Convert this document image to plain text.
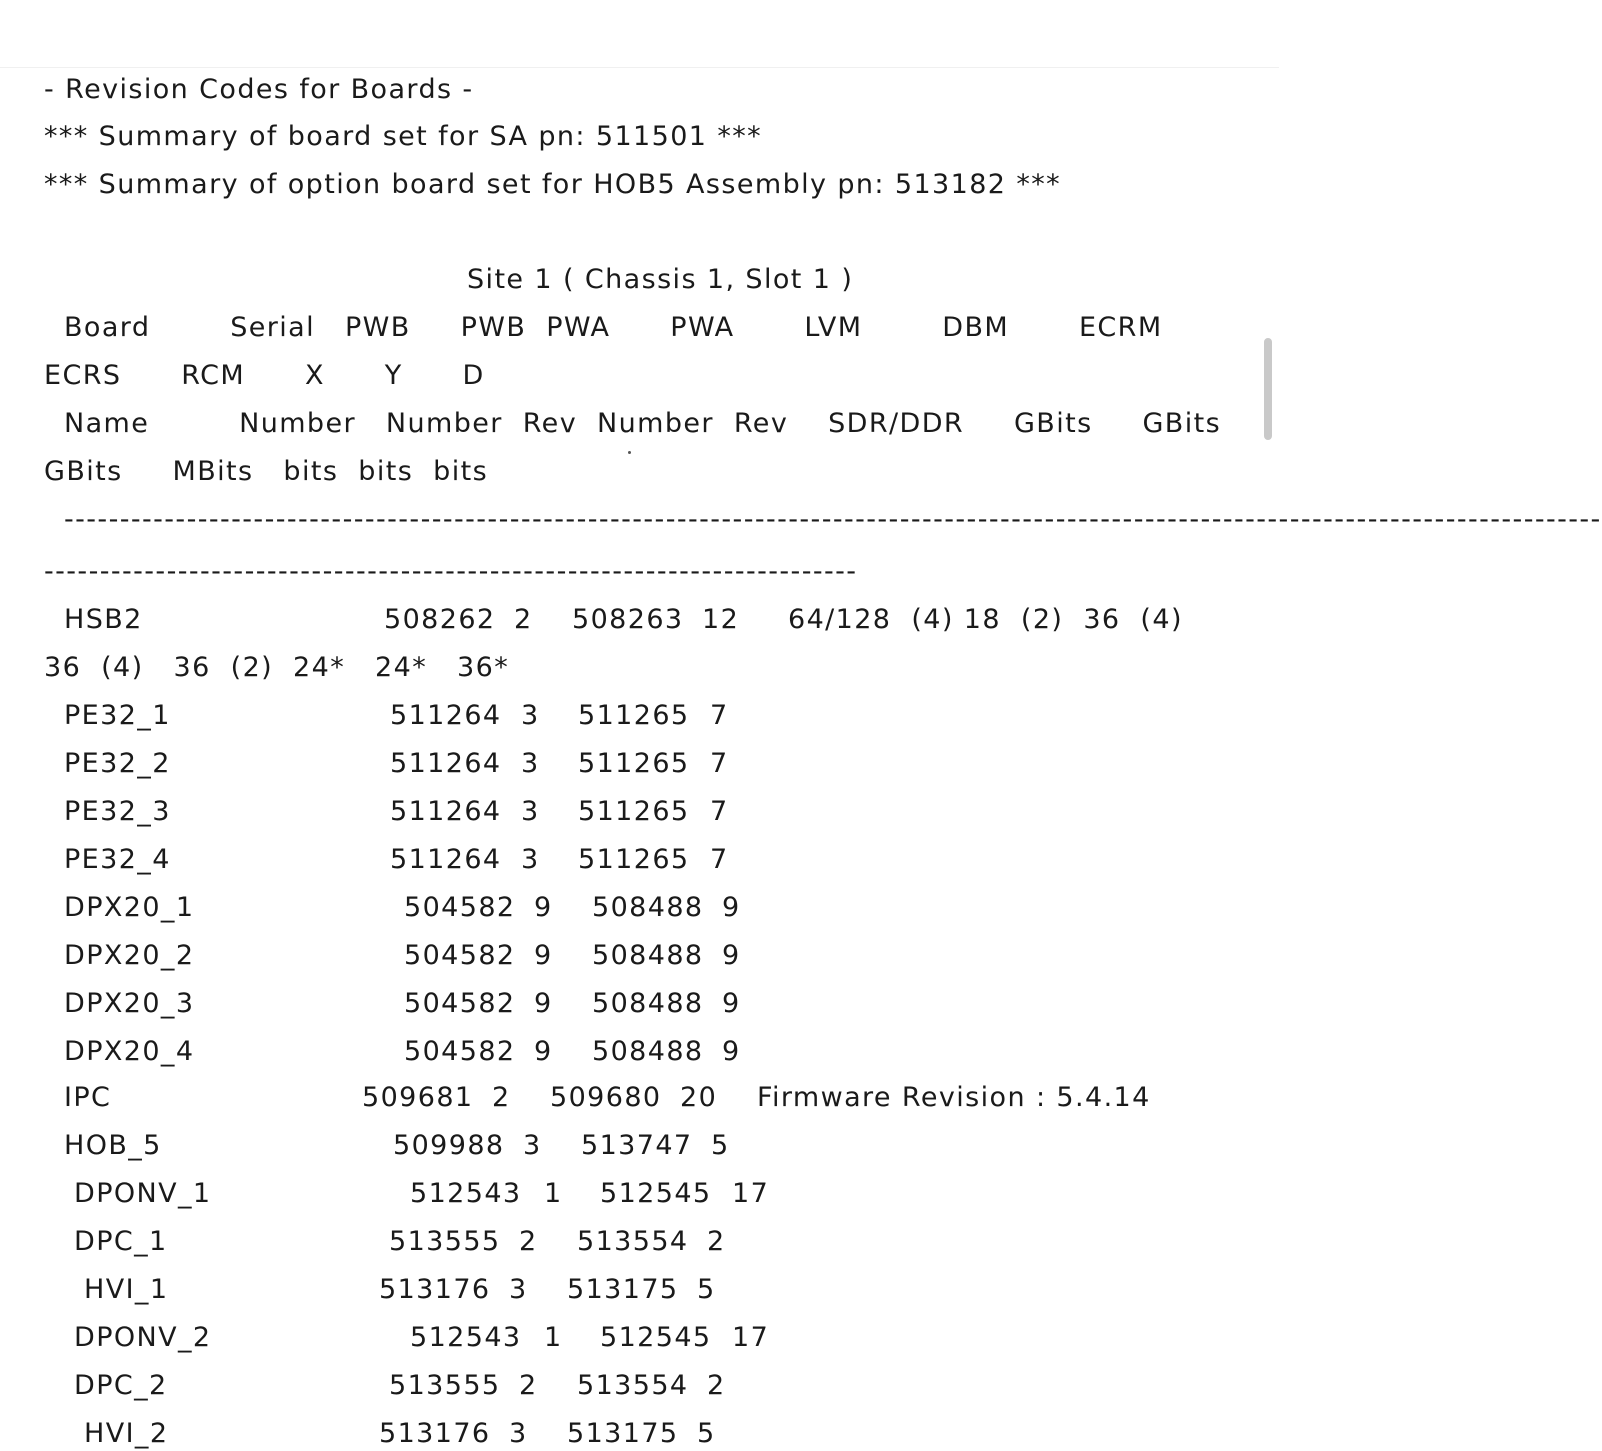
- Revision Codes for Boards -
*** Summary of board set for SA pn: 511501 ***
*** Summary of option board set for HOB5 Assembly pn: 513182 ***
Site 1 ( Chassis 1, Slot 1 )
Board        Serial   PWB     PWB  PWA      PWA       LVM        DBM       ECRM
ECRS      RCM      X      Y      D
Name         Number   Number  Rev  Number  Rev    SDR/DDR     GBits     GBits
GBits     MBits   bits  bits  bits
------------------------------------------------------------------------------------------------------------------------------------------
-------------------------------------------------------------------------
HSB2	508262 2 508263 12 64/128  (4) 18  (2)  36  (4)
36  (4)   36  (2)  24*   24*   36*
PE32_1	511264 3 511265 7
PE32_2	511264 3 511265 7
PE32_3	511264 3 511265 7
PE32_4	511264 3 511265 7
DPX20_1	504582 9 508488 9
DPX20_2	504582 9 508488 9
DPX20_3	504582 9 508488 9
DPX20_4	504582 9 508488 9
IPC	509681 2 509680 20 Firmware Revision : 5.4.14
HOB_5	509988 3 513747 5
DPONV_1	512543 1 512545 17
DPC_1	513555 2 513554 2
HVI_1	513176 3 513175 5
DPONV_2	512543 1 512545 17
DPC_2	513555 2 513554 2
HVI_2	513176 3 513175 5
